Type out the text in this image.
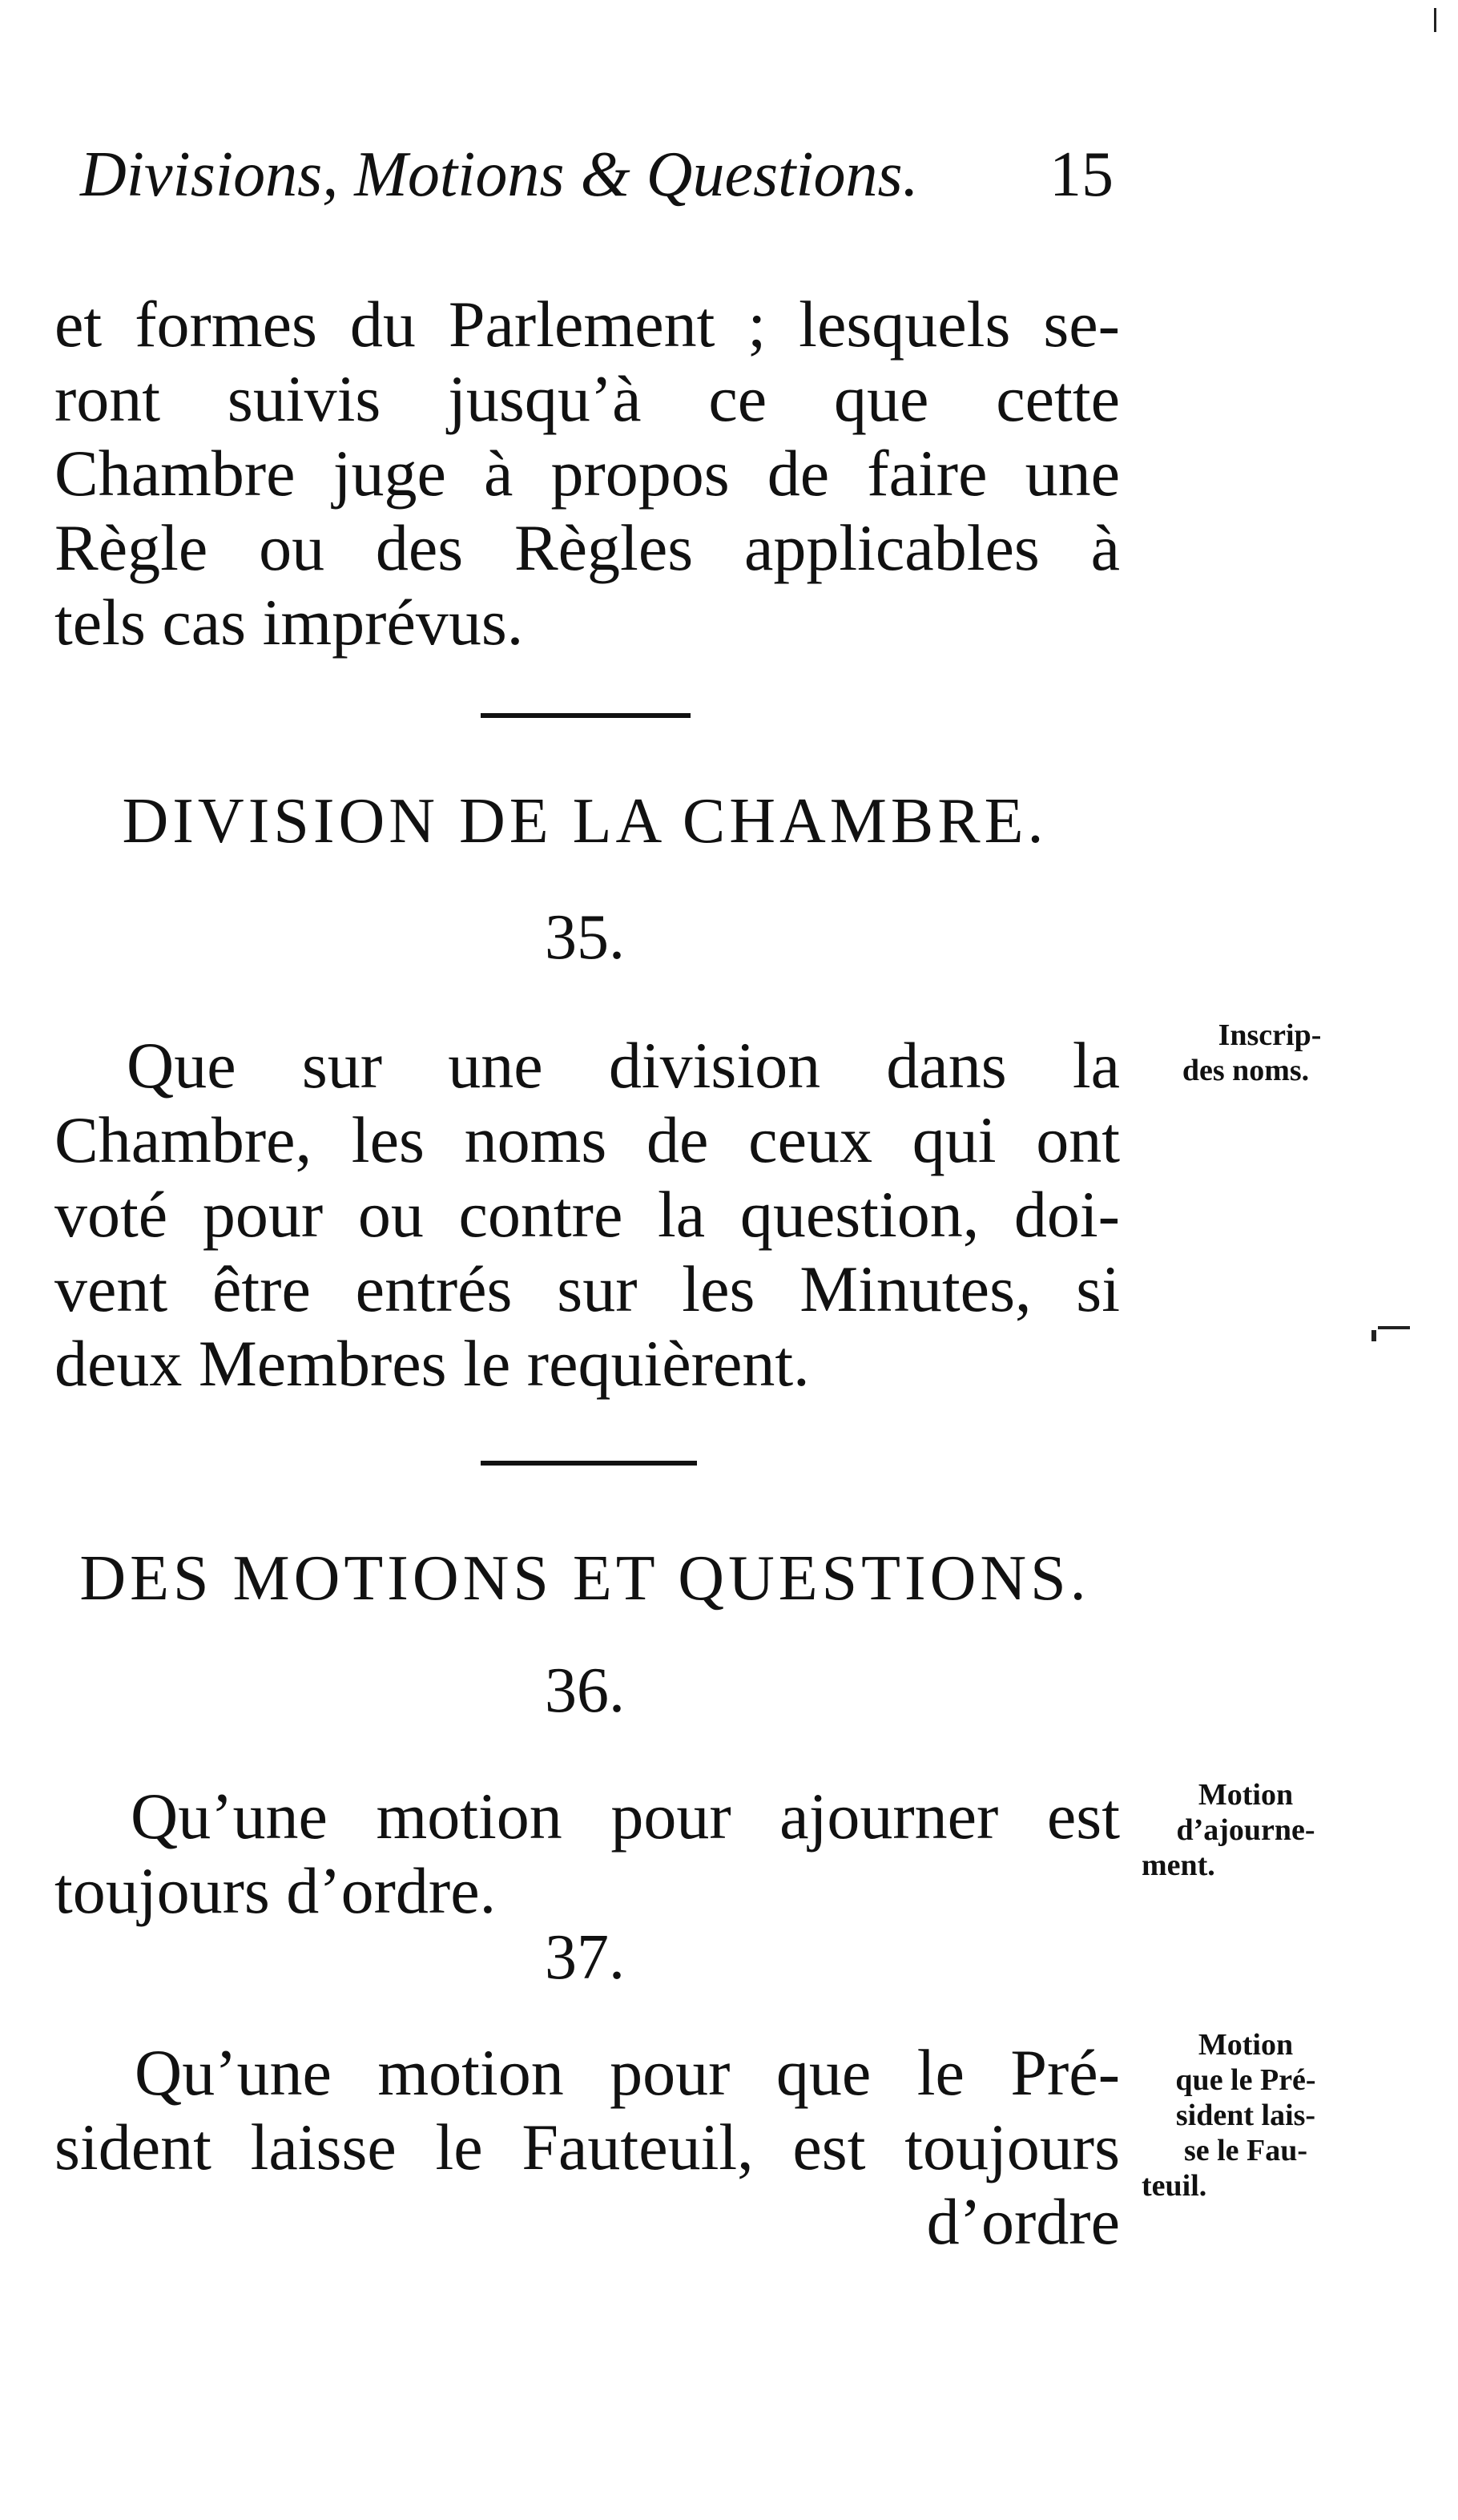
Divisions, Motions & Questions. 15
et formes du Parlement ; lesquels se-
ront suivis jusqu’à ce que cette
Chambre juge à propos de faire une
Règle ou des Règles applicables à
tels cas imprévus.
DIVISION DE LA CHAMBRE.
35.
Que sur une division dans la
Chambre, les noms de ceux qui ont
voté pour ou contre la question, doi-
vent être entrés sur les Minutes, si
deux Membres le requièrent.
Inscrip-
des noms.
DES MOTIONS ET QUESTIONS.
36.
Qu’une motion pour ajourner est
toujours d’ordre.
Motion
d’ajourne-
ment.
37.
Qu’une motion pour que le Pré-
sident laisse le Fauteuil, est toujours
d’ordre
Motion
que le Pré-
sident lais-
se le Fau-
teuil.
